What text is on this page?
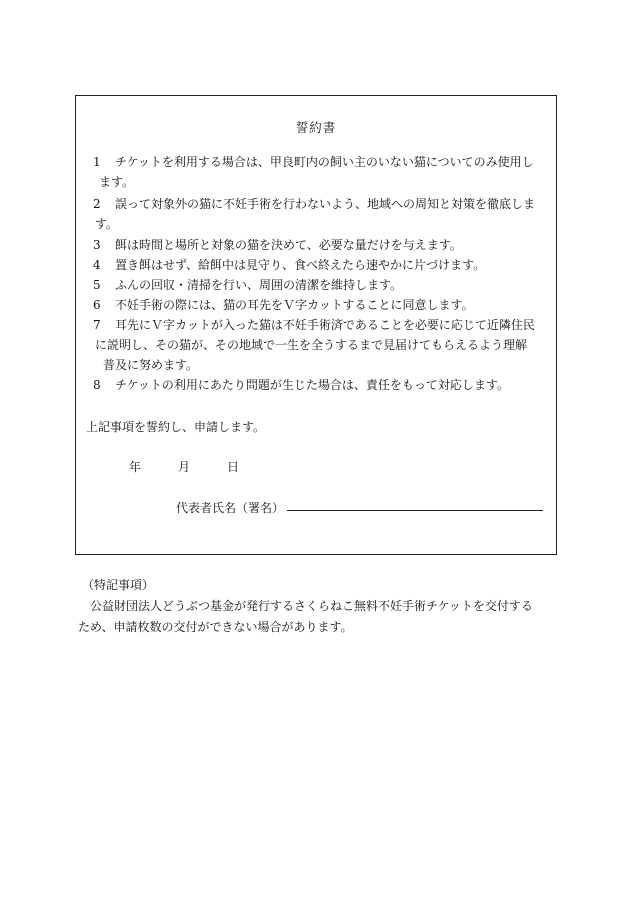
誓約書
1 チケットを利用する場合は、甲良町内の飼い主のいない猫についてのみ使用し
ます。
2 誤って対象外の猫に不妊手術を行わないよう、地域への周知と対策を徹底しま
す。
3 餌は時間と場所と対象の猫を決めて、必要な量だけを与えます。
4 置き餌はせず、給餌中は見守り、食べ終えたら速やかに片づけます。
5 ふんの回収・清掃を行い、周囲の清潔を維持します。
6 不妊手術の際には、猫の耳先をＶ字カットすることに同意します。
7 耳先にＶ字カットが入った猫は不妊手術済であることを必要に応じて近隣住民
に説明し、その猫が、その地域で一生を全うするまで見届けてもらえるよう理解
普及に努めます。
8 チケットの利用にあたり問題が生じた場合は、責任をもって対応します。
上記事項を誓約し、申請します。
年	月	日
代表者氏名（署名）
（特記事項）
公益財団法人どうぶつ基金が発行するさくらねこ無料不妊手術チケットを交付する
ため、申請枚数の交付ができない場合があります。
